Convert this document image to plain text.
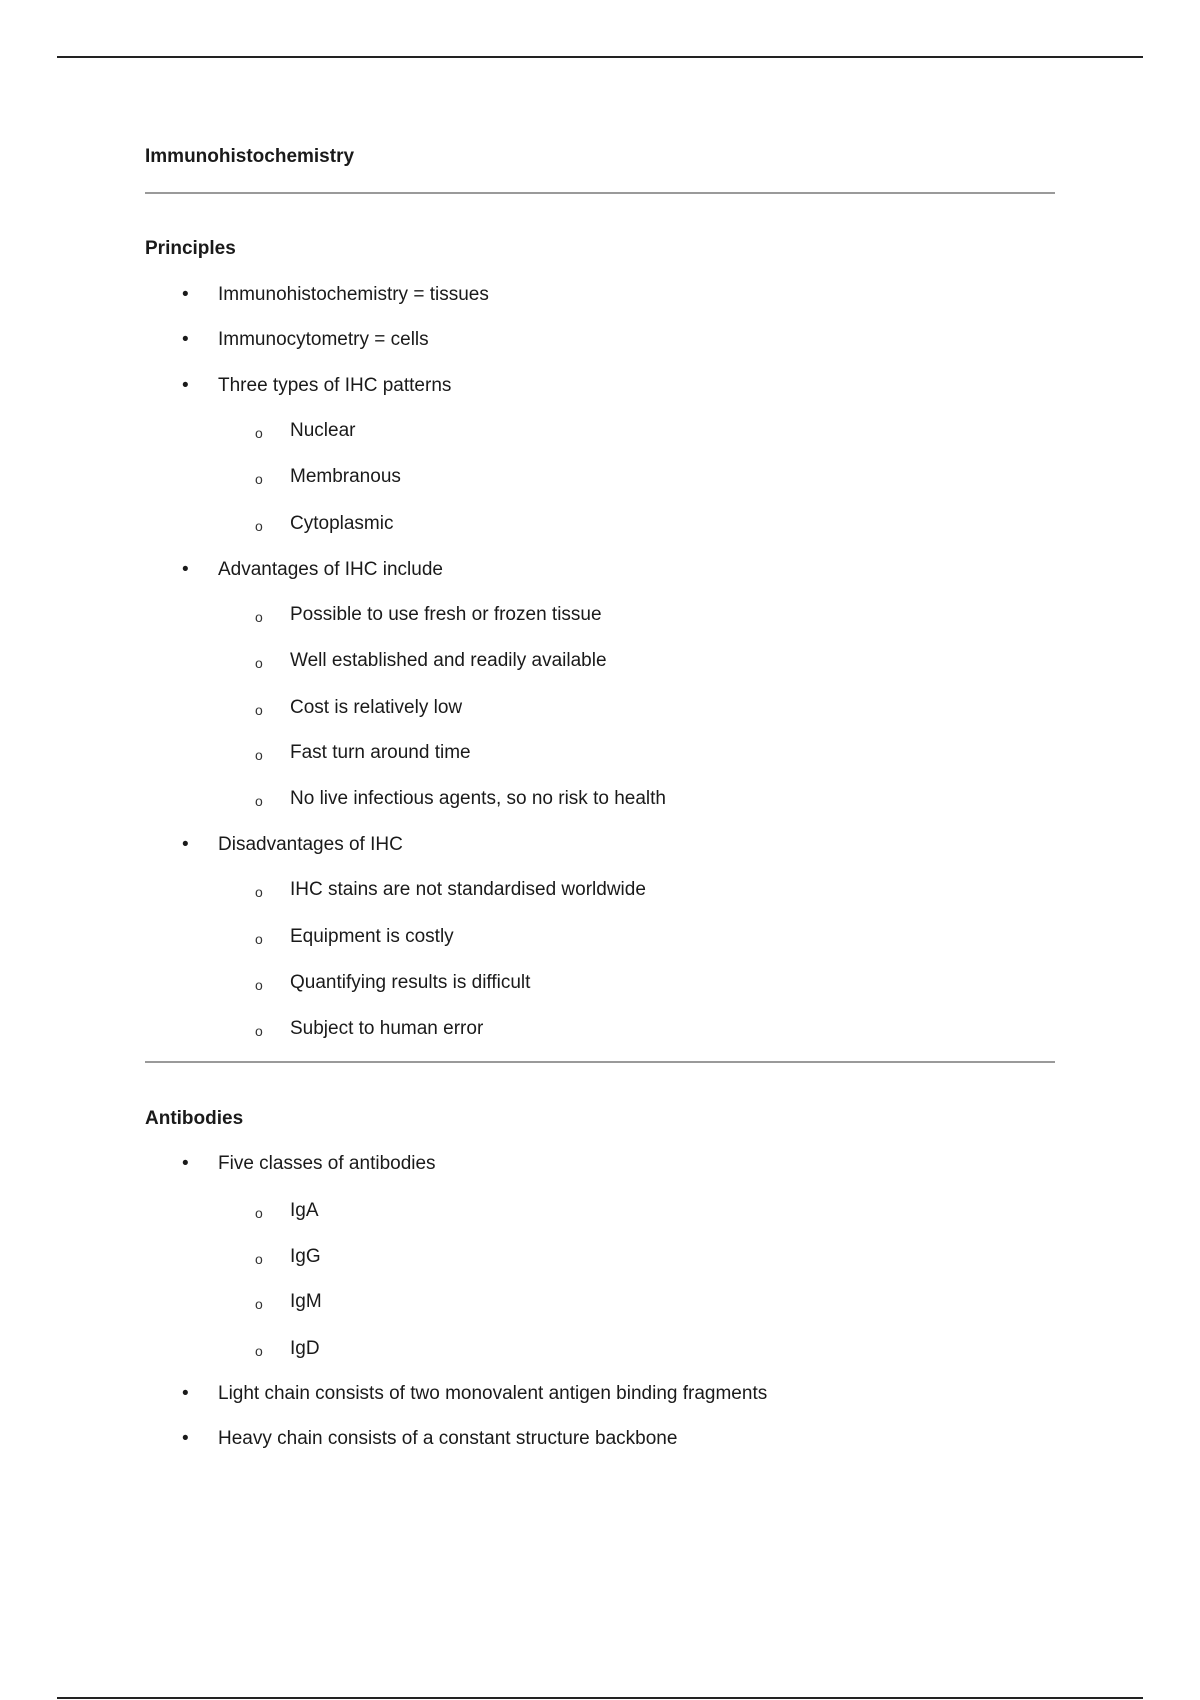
Immunohistochemistry
Principles
• Immunohistochemistry = tissues
• Immunocytometry = cells
• Three types of IHC patterns
o Nuclear
o Membranous
o Cytoplasmic
• Advantages of IHC include
o Possible to use fresh or frozen tissue
o Well established and readily available
o Cost is relatively low
o Fast turn around time
o No live infectious agents, so no risk to health
• Disadvantages of IHC
o IHC stains are not standardised worldwide
o Equipment is costly
o Quantifying results is difficult
o Subject to human error
Antibodies
• Five classes of antibodies
o IgA
o IgG
o IgM
o IgD
• Light chain consists of two monovalent antigen binding fragments
• Heavy chain consists of a constant structure backbone
